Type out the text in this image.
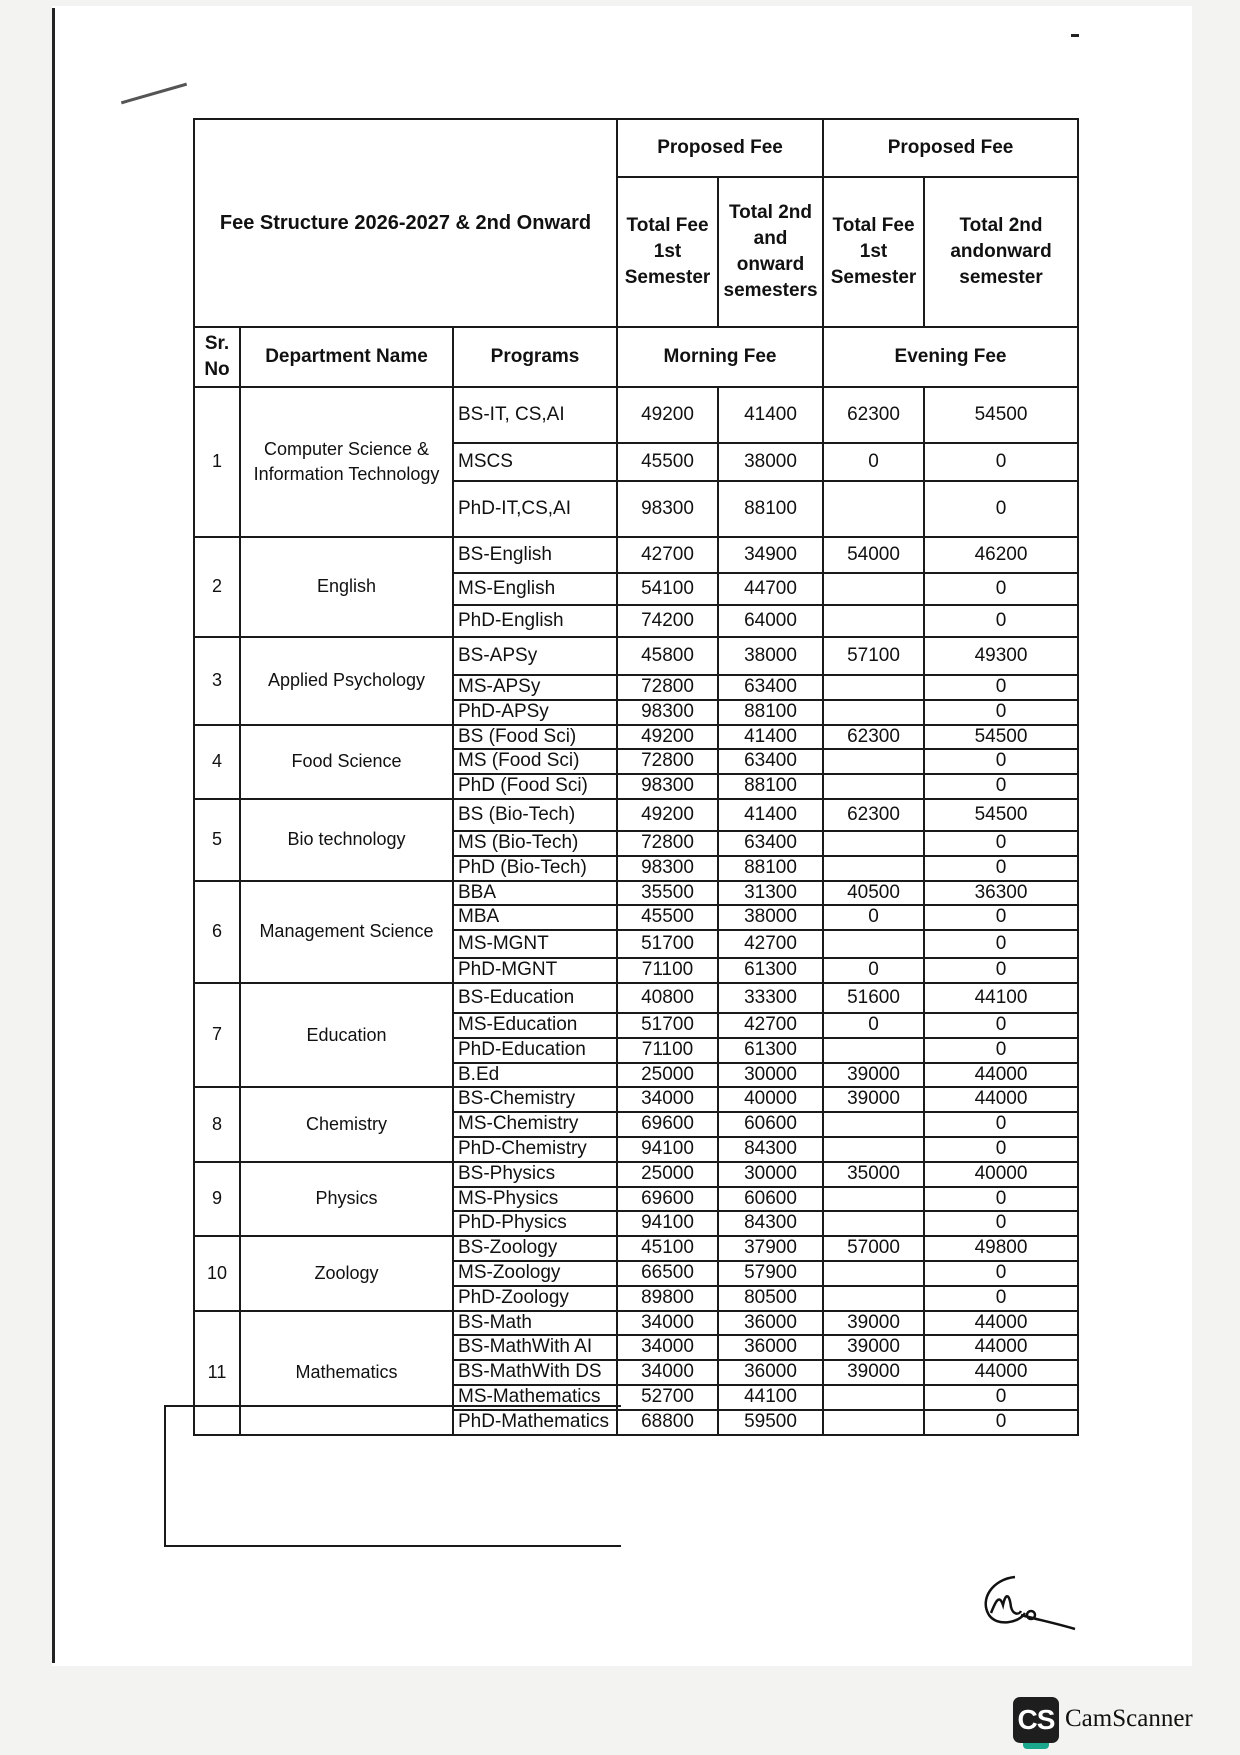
Fee Structure 2026-2027 & 2nd Onward			Proposed Fee		Proposed Fee	
			Total Fee 1st Semester	Total 2nd and onward semesters	Total Fee 1st Semester	Total 2nd andonward semester
Sr. No	Department Name	Programs	Morning Fee		Evening Fee	
1	Computer Science & Information Technology	BS-IT, CS,AI	49200	41400	62300	54500
		MSCS	45500	38000	0	0
		PhD-IT,CS,AI	98300	88100		0
2	English	BS-English	42700	34900	54000	46200
		MS-English	54100	44700		0
		PhD-English	74200	64000		0
3	Applied Psychology	BS-APSy	45800	38000	57100	49300
		MS-APSy	72800	63400		0
		PhD-APSy	98300	88100		0
4	Food Science	BS (Food Sci)	49200	41400	62300	54500
		MS (Food Sci)	72800	63400		0
		PhD (Food Sci)	98300	88100		0
5	Bio technology	BS (Bio-Tech)	49200	41400	62300	54500
		MS (Bio-Tech)	72800	63400		0
		PhD (Bio-Tech)	98300	88100		0
6	Management Science	BBA	35500	31300	40500	36300
		MBA	45500	38000	0	0
		MS-MGNT	51700	42700		0
		PhD-MGNT	71100	61300	0	0
7	Education	BS-Education	40800	33300	51600	44100
		MS-Education	51700	42700	0	0
		PhD-Education	71100	61300		0
		B.Ed	25000	30000	39000	44000
8	Chemistry	BS-Chemistry	34000	40000	39000	44000
		MS-Chemistry	69600	60600		0
		PhD-Chemistry	94100	84300		0
9	Physics	BS-Physics	25000	30000	35000	40000
		MS-Physics	69600	60600		0
		PhD-Physics	94100	84300		0
10	Zoology	BS-Zoology	45100	37900	57000	49800
		MS-Zoology	66500	57900		0
		PhD-Zoology	89800	80500		0
11	Mathematics	BS-Math	34000	36000	39000	44000
		BS-MathWith AI	34000	36000	39000	44000
		BS-MathWith DS	34000	36000	39000	44000
		MS-Mathematics	52700	44100		0
		PhD-Mathematics	68800	59500		0
CS CamScanner
